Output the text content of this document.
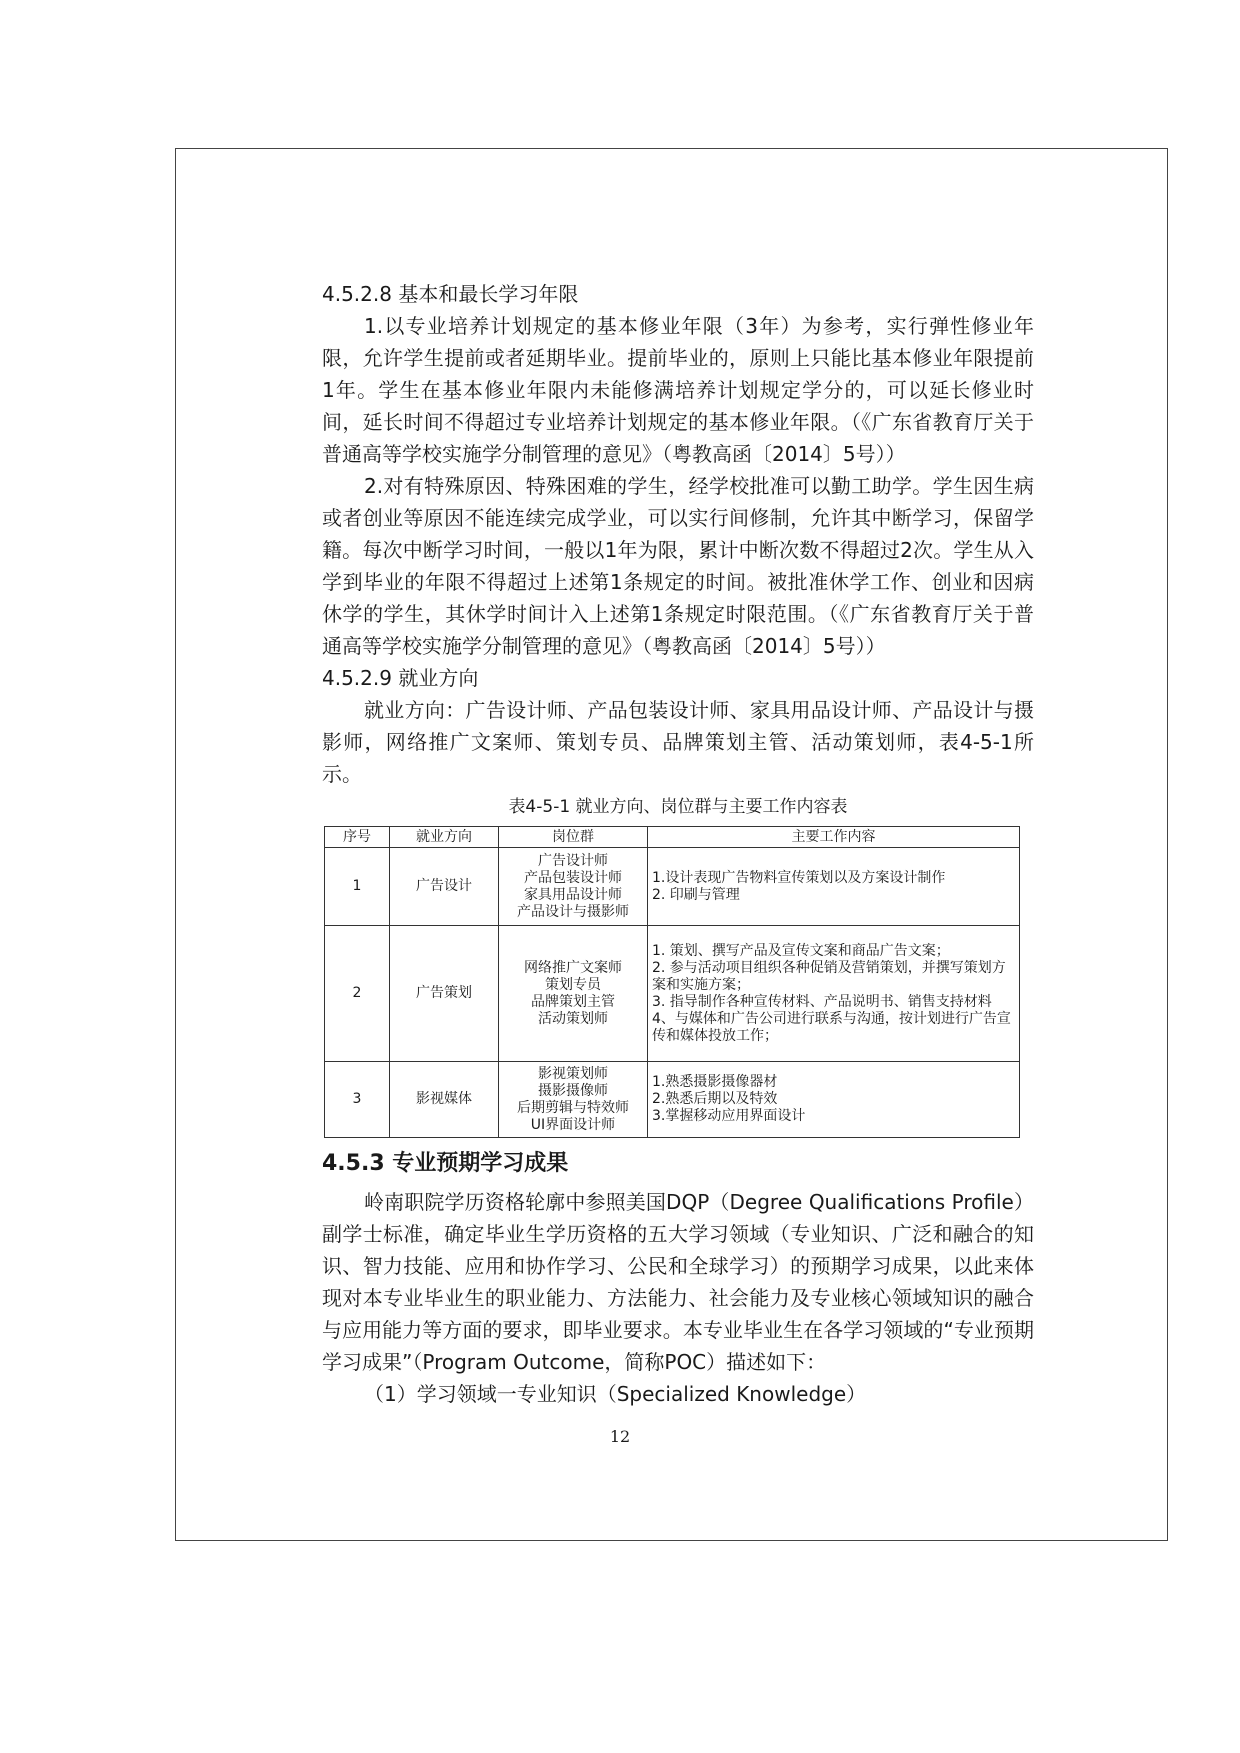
4.5.2.8 基本和最长学习年限

1.以专业培养计划规定的基本修业年限（3年）为参考，实行弹性修业年限，允许学生提前或者延期毕业。提前毕业的，原则上只能比基本修业年限提前1年。学生在基本修业年限内未能修满培养计划规定学分的，可以延长修业时间，延长时间不得超过专业培养计划规定的基本修业年限。（《广东省教育厅关于普通高等学校实施学分制管理的意见》（粤教高函〔2014〕5号））

2.对有特殊原因、特殊困难的学生，经学校批准可以勤工助学。学生因生病或者创业等原因不能连续完成学业，可以实行间修制，允许其中断学习，保留学籍。每次中断学习时间，一般以1年为限，累计中断次数不得超过2次。学生从入学到毕业的年限不得超过上述第1条规定的时间。被批准休学工作、创业和因病休学的学生，其休学时间计入上述第1条规定时限范围。（《广东省教育厅关于普通高等学校实施学分制管理的意见》（粤教高函〔2014〕5号））

4.5.2.9 就业方向

就业方向：广告设计师、产品包装设计师、家具用品设计师、产品设计与摄影师，网络推广文案师、策划专员、品牌策划主管、活动策划师，表4-5-1所示。

表4-5-1 就业方向、岗位群与主要工作内容表
序号	就业方向	岗位群	主要工作内容
1	广告设计	广告设计师
产品包装设计师
家具用品设计师
产品设计与摄影师	1.设计表现广告物料宣传策划以及方案设计制作
2. 印刷与管理

2	广告策划	网络推广文案师
策划专员
品牌策划主管
活动策划师	1. 策划、撰写产品及宣传文案和商品广告文案；
2. 参与活动项目组织各种促销及营销策划，并撰写策划方案和实施方案；
3. 指导制作各种宣传材料、产品说明书、销售支持材料
4、与媒体和广告公司进行联系与沟通，按计划进行广告宣传和媒体投放工作；

3	影视媒体	影视策划师
摄影摄像师
后期剪辑与特效师
UI界面设计师	1.熟悉摄影摄像器材
2.熟悉后期以及特效
3.掌握移动应用界面设计

4.5.3 专业预期学习成果

岭南职院学历资格轮廓中参照美国DQP（Degree Qualifications Profile）副学士标准，确定毕业生学历资格的五大学习领域（专业知识、广泛和融合的知识、智力技能、应用和协作学习、公民和全球学习）的预期学习成果，以此来体现对本专业毕业生的职业能力、方法能力、社会能力及专业核心领域知识的融合与应用能力等方面的要求，即毕业要求。本专业毕业生在各学习领域的“专业预期学习成果”（Program Outcome，简称POC）描述如下：

（1）学习领域一专业知识（Specialized Knowledge）

12
